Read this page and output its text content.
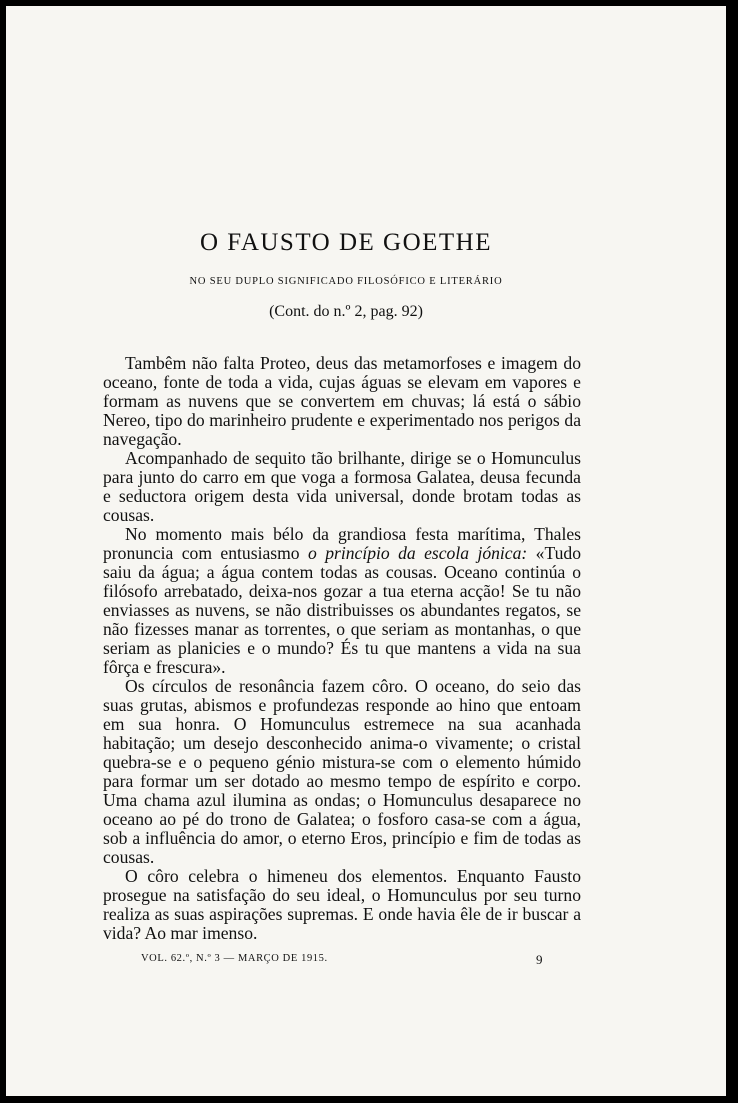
O FAUSTO DE GOETHE
NO SEU DUPLO SIGNIFICADO FILOSÓFICO E LITERÁRIO
(Cont. do n.º 2, pag. 92)

Tambêm não falta Proteo, deus das metamorfoses e imagem do oceano, fonte de toda a vida, cujas águas se elevam em vapores e formam as nuvens que se convertem em chuvas; lá está o sábio Nereo, tipo do marinheiro prudente e experimentado nos perigos da navegação.

Acompanhado de sequito tão brilhante, dirige se o Homunculus para junto do carro em que voga a formosa Galatea, deusa fecunda e seductora origem desta vida universal, donde brotam todas as cousas.

No momento mais bélo da grandiosa festa marítima, Thales pronuncia com entusiasmo o princípio da escola jónica: «Tudo saiu da água; a água contem todas as cousas. Oceano continúa o filósofo arrebatado, deixa-nos gozar a tua eterna acção! Se tu não enviasses as nuvens, se não distribuisses os abundantes regatos, se não fizesses manar as torrentes, o que seriam as montanhas, o que seriam as planicies e o mundo? És tu que mantens a vida na sua fôrça e frescura».

Os círculos de resonância fazem côro. O oceano, do seio das suas grutas, abismos e profundezas responde ao hino que entoam em sua honra. O Homunculus estremece na sua acanhada habitação; um desejo desconhecido anima-o vivamente; o cristal quebra-se e o pequeno génio mistura-se com o elemento húmido para formar um ser dotado ao mesmo tempo de espírito e corpo. Uma chama azul ilumina as ondas; o Homunculus desaparece no oceano ao pé do trono de Galatea; o fosforo casa-se com a água, sob a influência do amor, o eterno Eros, princípio e fim de todas as cousas.

O côro celebra o himeneu dos elementos. Enquanto Fausto prosegue na satisfação do seu ideal, o Homunculus por seu turno realiza as suas aspirações supremas. E onde havia êle de ir buscar a vida? Ao mar imenso.

VOL. 62.º, N.º 3 — MARÇO DE 1915.	9
